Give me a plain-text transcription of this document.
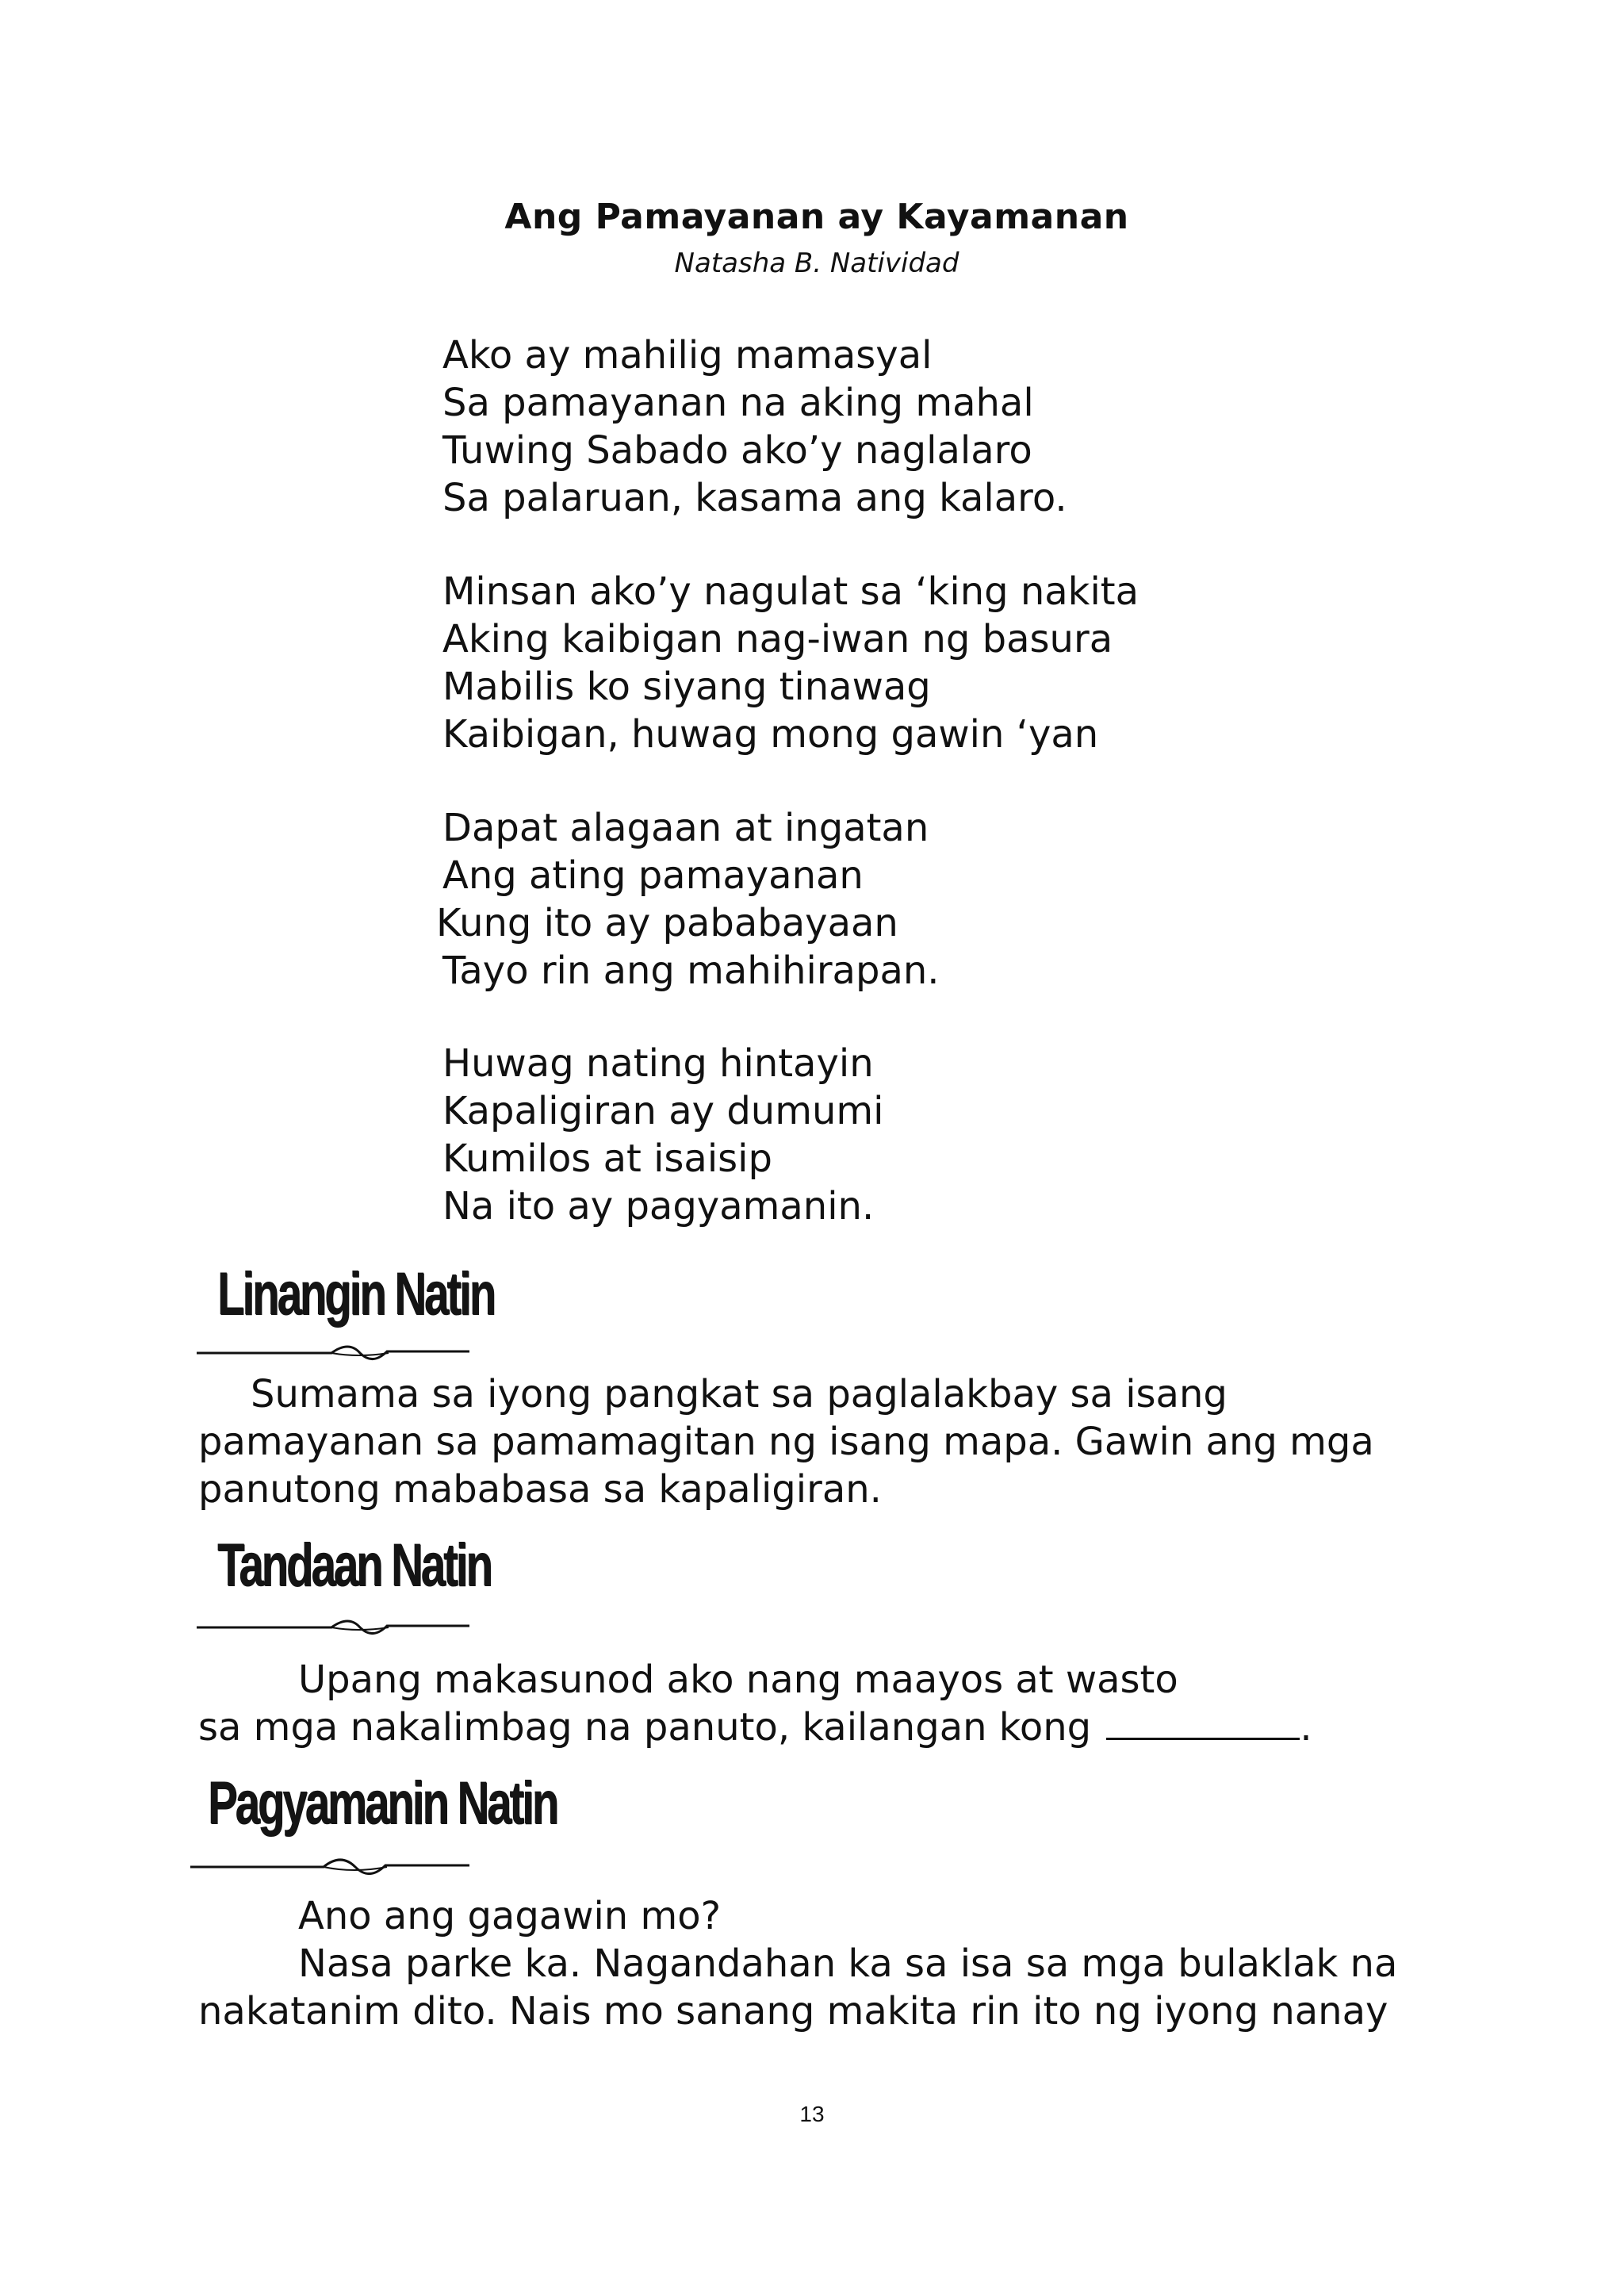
Ang Pamayanan ay Kayamanan
Natasha B. Natividad
Ako ay mahilig mamasyal
Sa pamayanan na aking mahal
Tuwing Sabado ako’y naglalaro
Sa palaruan, kasama ang kalaro.
Minsan ako’y nagulat sa ‘king nakita
Aking kaibigan nag-iwan ng basura
Mabilis ko siyang tinawag
Kaibigan, huwag mong gawin ‘yan
Dapat alagaan at ingatan
Ang ating pamayanan
Kung ito ay pababayaan
Tayo rin ang mahihirapan.
Huwag nating hintayin
Kapaligiran ay dumumi
Kumilos at isaisip
Na ito ay pagyamanin.
Linangin Natin
Sumama sa iyong pangkat sa paglalakbay sa isang
pamayanan sa pamamagitan ng isang mapa. Gawin ang mga
panutong mababasa sa kapaligiran.
Tandaan Natin
Upang makasunod ako nang maayos at wasto
sa mga nakalimbag na panuto, kailangan kong	.
Pagyamanin Natin
Ano ang gagawin mo?
Nasa parke ka. Nagandahan ka sa isa sa mga bulaklak na
nakatanim dito. Nais mo sanang makita rin ito ng iyong nanay
13
